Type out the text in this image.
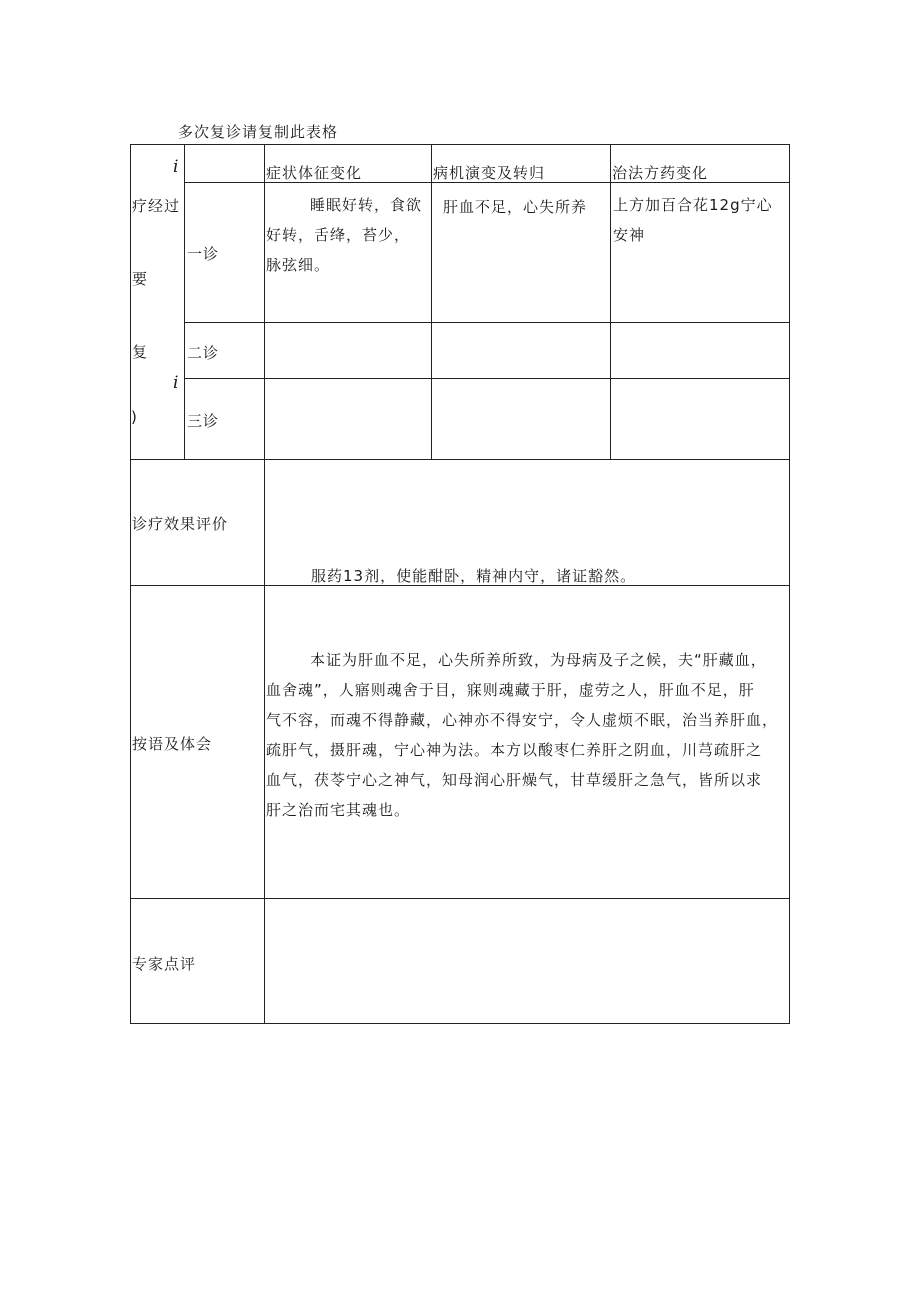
多次复诊请复制此表格
i
疗经过
要
复
i
)
症状体征变化	病机演变及转归	治法方药变化
一诊
睡眠好转，食欲
好转，舌绛，苔少，
脉弦细。
肝血不足，心失所养 上方加百合花12g宁心
安神
二诊
三诊
诊疗效果评价
服药13剂，使能酣卧，精神内守，诸证豁然。
按语及体会
本证为肝血不足，心失所养所致，为母病及子之候，夫“肝藏血，
血舍魂”，人寤则魂舍于目，寐则魂藏于肝，虚劳之人，肝血不足，肝
气不容，而魂不得静藏，心神亦不得安宁，令人虚烦不眠，治当养肝血，
疏肝气，摄肝魂，宁心神为法。本方以酸枣仁养肝之阴血，川芎疏肝之
血气，茯苓宁心之神气，知母润心肝燥气，甘草缓肝之急气，皆所以求
肝之治而宅其魂也。
专家点评
